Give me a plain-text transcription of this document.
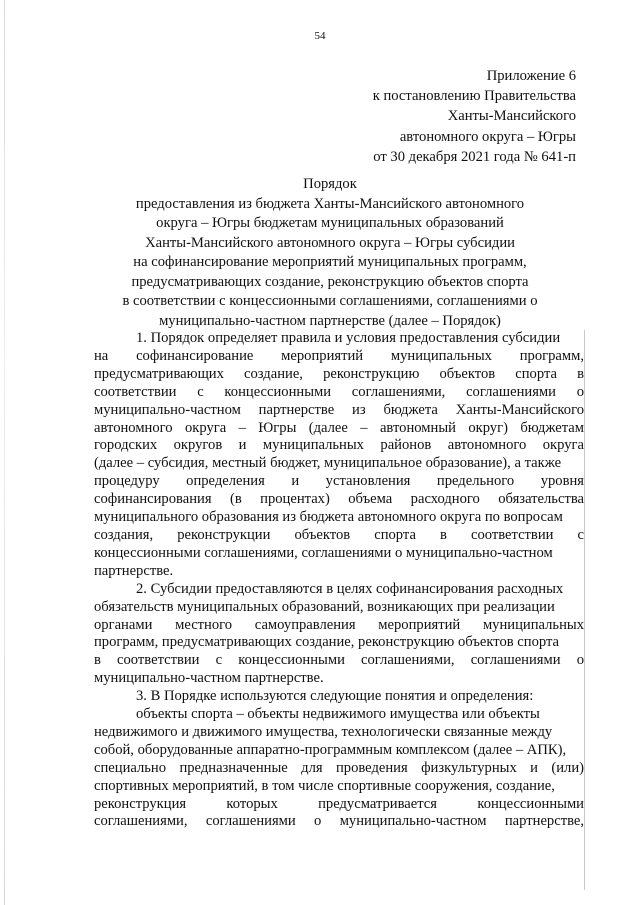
54
Приложение 6
к постановлению Правительства
Ханты-Мансийского
автономного округа – Югры
от 30 декабря 2021 года № 641-п
Порядок
предоставления из бюджета Ханты-Мансийского автономного
округа – Югры бюджетам муниципальных образований
Ханты-Мансийского автономного округа – Югры субсидии
на софинансирование мероприятий муниципальных программ,
предусматривающих создание, реконструкцию объектов спорта
в соответствии с концессионными соглашениями, соглашениями о
муниципально-частном партнерстве (далее – Порядок)
1. Порядок определяет правила и условия предоставления субсидии
на софинансирование мероприятий муниципальных программ,
предусматривающих создание, реконструкцию объектов спорта в
соответствии с концессионными соглашениями, соглашениями о
муниципально-частном партнерстве из бюджета Ханты-Мансийского
автономного округа – Югры (далее – автономный округ) бюджетам
городских округов и муниципальных районов автономного округа
(далее – субсидия, местный бюджет, муниципальное образование), а также
процедуру определения и установления предельного уровня
софинансирования (в процентах) объема расходного обязательства
муниципального образования из бюджета автономного округа по вопросам
создания, реконструкции объектов спорта в соответствии с
концессионными соглашениями, соглашениями о муниципально-частном
партнерстве.
2. Субсидии предоставляются в целях софинансирования расходных
обязательств муниципальных образований, возникающих при реализации
органами местного самоуправления мероприятий муниципальных
программ, предусматривающих создание, реконструкцию объектов спорта
в соответствии с концессионными соглашениями, соглашениями о
муниципально-частном партнерстве.
3. В Порядке используются следующие понятия и определения:
объекты спорта – объекты недвижимого имущества или объекты
недвижимого и движимого имущества, технологически связанные между
собой, оборудованные аппаратно-программным комплексом (далее – АПК),
специально предназначенные для проведения физкультурных и (или)
спортивных мероприятий, в том числе спортивные сооружения, создание,
реконструкция которых предусматривается концессионными
соглашениями, соглашениями о муниципально-частном партнерстве,
